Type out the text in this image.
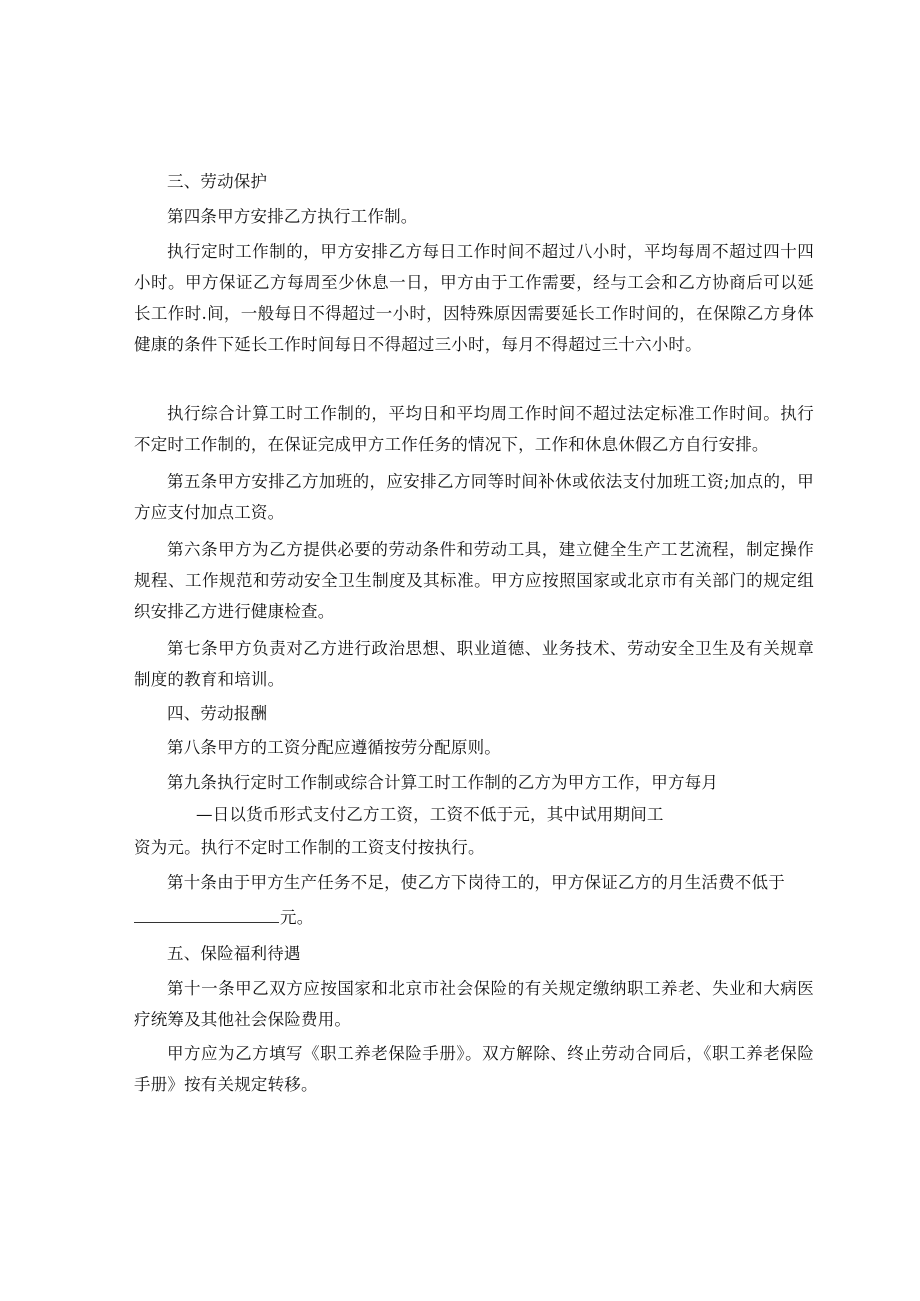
三、劳动保护

第四条甲方安排乙方执行工作制。

执行定时工作制的，甲方安排乙方每日工作时间不超过八小时，平均每周不超过四十四小时。甲方保证乙方每周至少休息一日，甲方由于工作需要，经与工会和乙方协商后可以延长工作时.间，一般每日不得超过一小时，因特殊原因需要延长工作时间的，在保隙乙方身体健康的条件下延长工作时间每日不得超过三小时，每月不得超过三十六小时。

执行综合计算工时工作制的，平均日和平均周工作时间不超过法定标准工作时间。执行不定时工作制的，在保证完成甲方工作任务的情况下，工作和休息休假乙方自行安排。

第五条甲方安排乙方加班的，应安排乙方同等时间补休或依法支付加班工资;加点的，甲方应支付加点工资。

第六条甲方为乙方提供必要的劳动条件和劳动工具，建立健全生产工艺流程，制定操作规程、工作规范和劳动安全卫生制度及其标准。甲方应按照国家或北京市有关部门的规定组织安排乙方进行健康检查。

第七条甲方负责对乙方进行政治思想、职业道德、业务技术、劳动安全卫生及有关规章制度的教育和培训。

四、劳动报酬

第八条甲方的工资分配应遵循按劳分配原则。

第九条执行定时工作制或综合计算工时工作制的乙方为甲方工作，甲方每月

—日以货币形式支付乙方工资，工资不低于元，其中试用期间工

资为元。执行不定时工作制的工资支付按执行。

第十条由于甲方生产任务不足，使乙方下岗待工的，甲方保证乙方的月生活费不低于

元。

五、保险福利待遇

第十一条甲乙双方应按国家和北京市社会保险的有关规定缴纳职工养老、失业和大病医疗统筹及其他社会保险费用。

甲方应为乙方填写《职工养老保险手册》。双方解除、终止劳动合同后，《职工养老保险手册》按有关规定转移。
